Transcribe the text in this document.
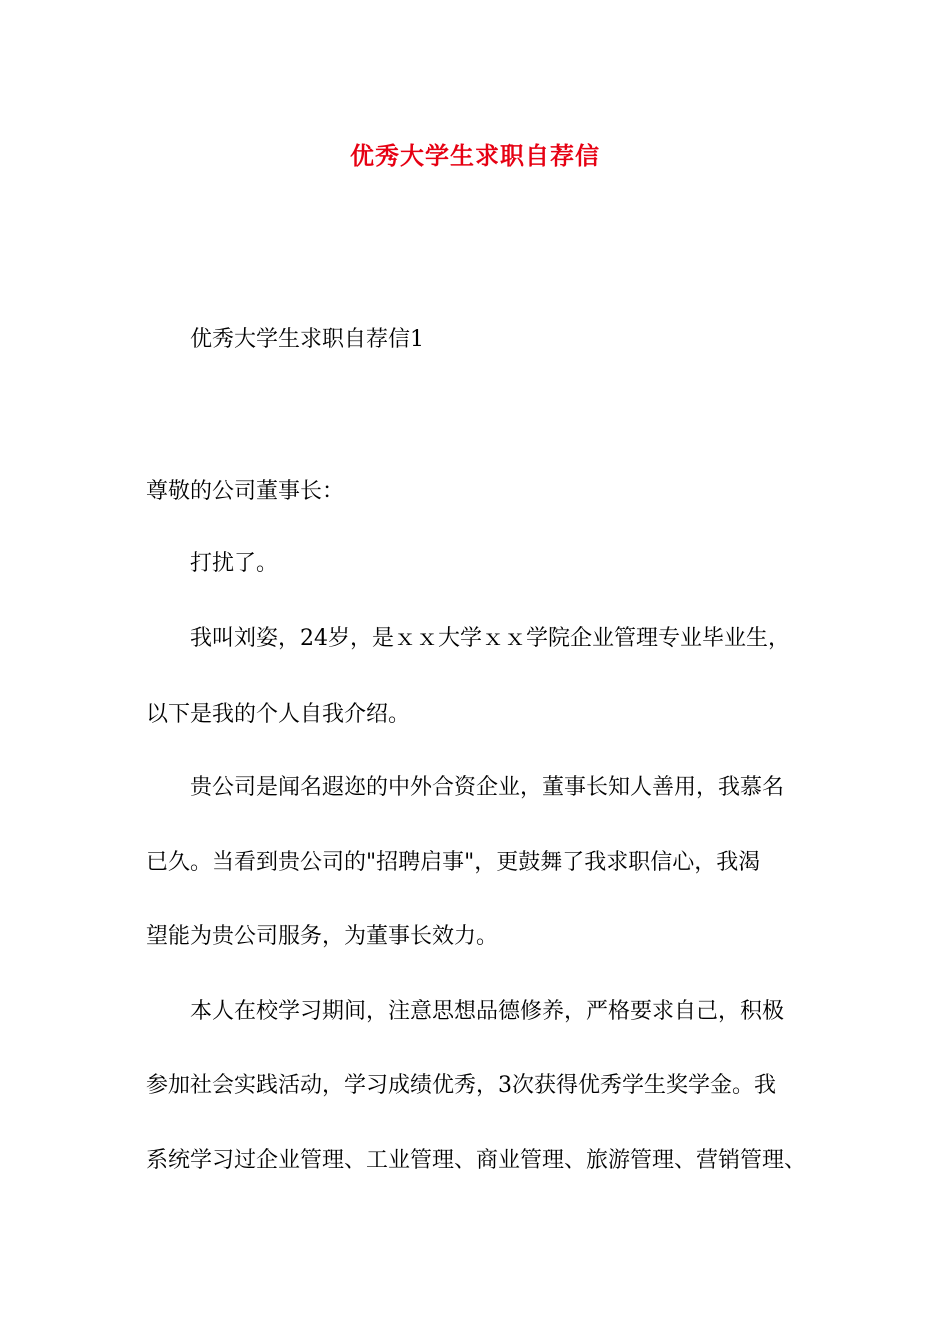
优秀大学生求职自荐信
优秀大学生求职自荐信1
尊敬的公司董事长：
打扰了。
我叫刘姿，24岁，是ｘｘ大学ｘｘ学院企业管理专业毕业生，
以下是我的个人自我介绍。
贵公司是闻名遐迩的中外合资企业，董事长知人善用，我慕名
已久。当看到贵公司的"招聘启事"，更鼓舞了我求职信心，我渴
望能为贵公司服务，为董事长效力。
本人在校学习期间，注意思想品德修养，严格要求自己，积极
参加社会实践活动，学习成绩优秀，3次获得优秀学生奖学金。我
系统学习过企业管理、工业管理、商业管理、旅游管理、营销管理、
